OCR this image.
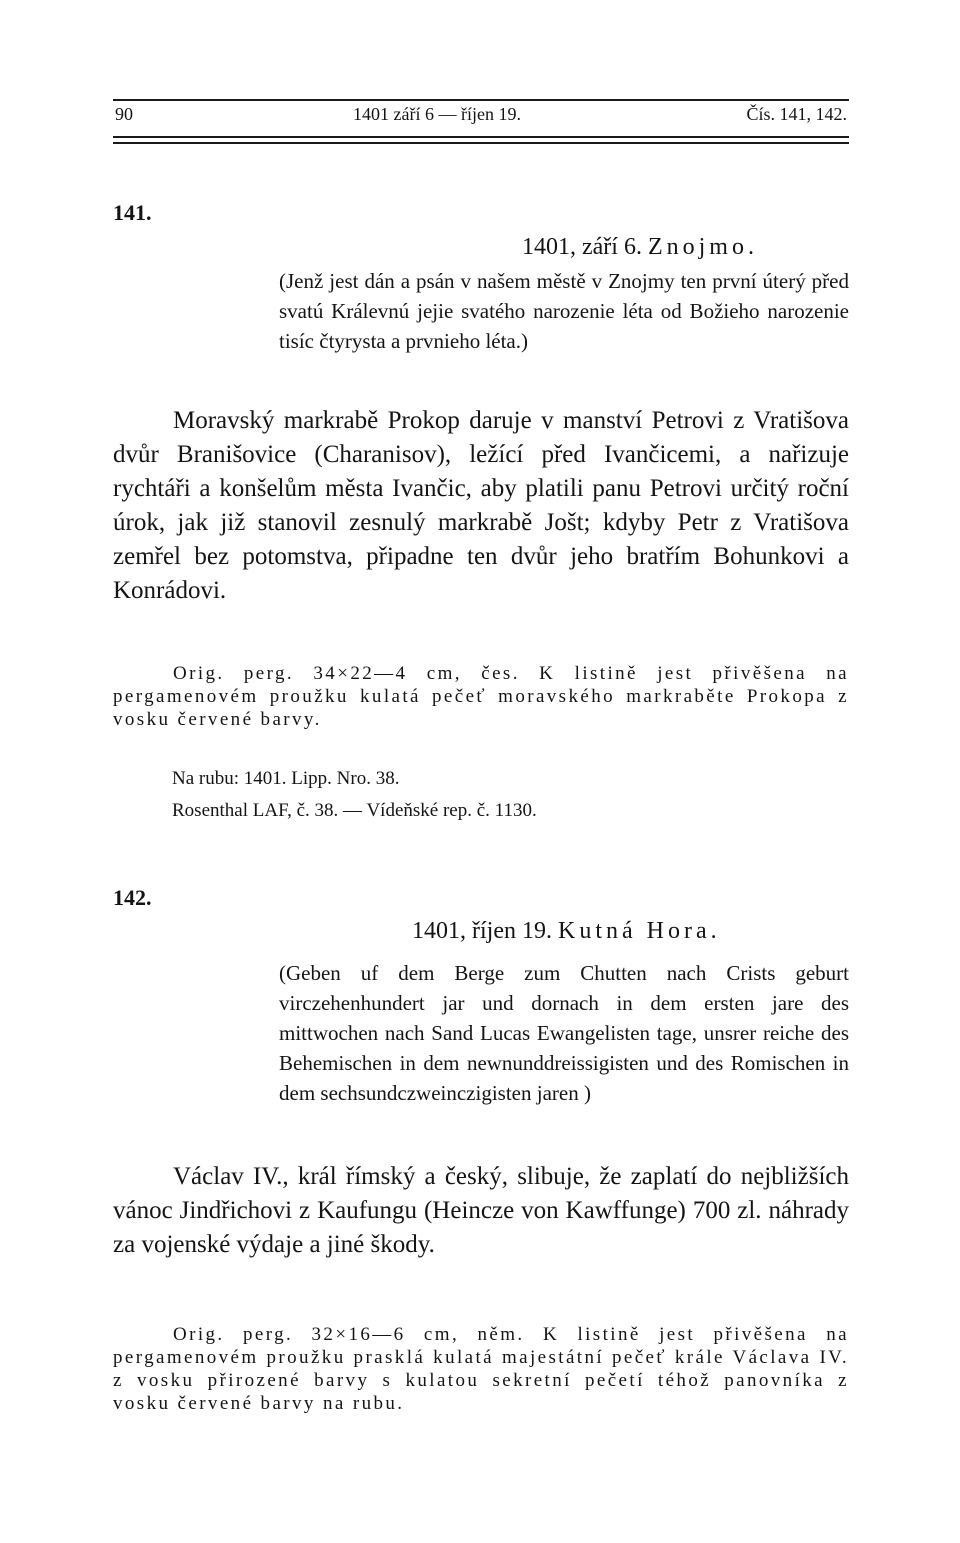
90	1401 září 6 — říjen 19.	Čís. 141, 142.
141.
1401, září 6. Znojmo.

(Jenž jest dán a psán v našem městě v Znojmy ten první úterý před svatú Králevnú jejie svatého narozenie léta od Božieho narozenie tisíc čtyrysta a prvnieho léta.)

Moravský markrabě Prokop daruje v manství Petrovi z Vratišova dvůr Branišovice (Charanisov), ležící před Ivančicemi, a nařizuje rychtáři a konšelům města Ivančic, aby platili panu Petrovi určitý roční úrok, jak již stanovil zesnulý markrabě Jošt; kdyby Petr z Vratišova zemřel bez potomstva, připadne ten dvůr jeho bratřím Bohunkovi a Konrádovi.

Orig. perg. 34×22—4 cm, čes. K listině jest přivěšena na pergamenovém proužku kulatá pečeť moravského markraběte Prokopa z vosku červené barvy.

Na rubu: 1401. Lipp. Nro. 38.
Rosenthal LAF, č. 38. — Vídeňské rep. č. 1130.
142.
1401, říjen 19. Kutná Hora.

(Geben uf dem Berge zum Chutten nach Crists geburt virczehenhundert jar und dornach in dem ersten jare des mittwochen nach Sand Lucas Ewangelisten tage, unsrer reiche des Behemischen in dem newnunddreissigisten und des Romischen in dem sechsundczweinczigisten jaren )

Václav IV., král římský a český, slibuje, že zaplatí do nejbližších vánoc Jindřichovi z Kaufungu (Heincze von Kawffunge) 700 zl. náhrady za vojenské výdaje a jiné škody.

Orig. perg. 32×16—6 cm, něm. K listině jest přivěšena na pergamenovém proužku prasklá kulatá majestátní pečeť krále Václava IV. z vosku přirozené barvy s kulatou sekretní pečetí téhož panovníka z vosku červené barvy na rubu.
